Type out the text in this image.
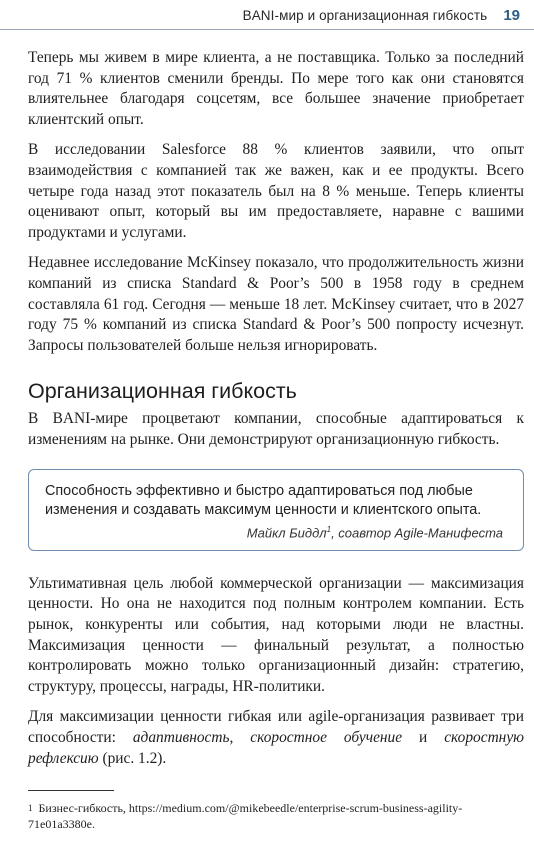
BANI-мир и организационная гибкость 19

Теперь мы живем в мире клиента, а не поставщика. Только за последний год 71 % клиентов сменили бренды. По мере того как они становятся влиятельнее благодаря соцсетям, все большее значение приобретает клиентский опыт.

В исследовании Salesforce 88 % клиентов заявили, что опыт взаимодействия с компанией так же важен, как и ее продукты. Всего четыре года назад этот показатель был на 8 % меньше. Теперь клиенты оценивают опыт, который вы им предоставляете, наравне с вашими продуктами и услугами.

Недавнее исследование McKinsey показало, что продолжительность жизни компаний из списка Standard & Poor’s 500 в 1958 году в среднем составляла 61 год. Сегодня — меньше 18 лет. McKinsey считает, что в 2027 году 75 % компаний из списка Standard & Poor’s 500 попросту исчезнут. Запросы пользователей больше нельзя игнорировать.

Организационная гибкость

В BANI-мире процветают компании, способные адаптироваться к изменениям на рынке. Они демонстрируют организационную гибкость.

Способность эффективно и быстро адаптироваться под любые изменения и создавать максимум ценности и клиентского опыта.
Майкл Биддл$^1$, соавтор Agile-Манифеста

Ультимативная цель любой коммерческой организации — максимизация ценности. Но она не находится под полным контролем компании. Есть рынок, конкуренты или события, над которыми люди не властны. Максимизация ценности — финальный результат, а полностью контролировать можно только организационный дизайн: стратегию, структуру, процессы, награды, HR-политики.

Для максимизации ценности гибкая или agile-организация развивает три способности: адаптивность, скоростное обучение и скоростную рефлексию (рис. 1.2).

$^1$ Бизнес-гибкость, https://medium.com/@mikebeedle/enterprise-scrum-business-agility-71e01a3380e.
